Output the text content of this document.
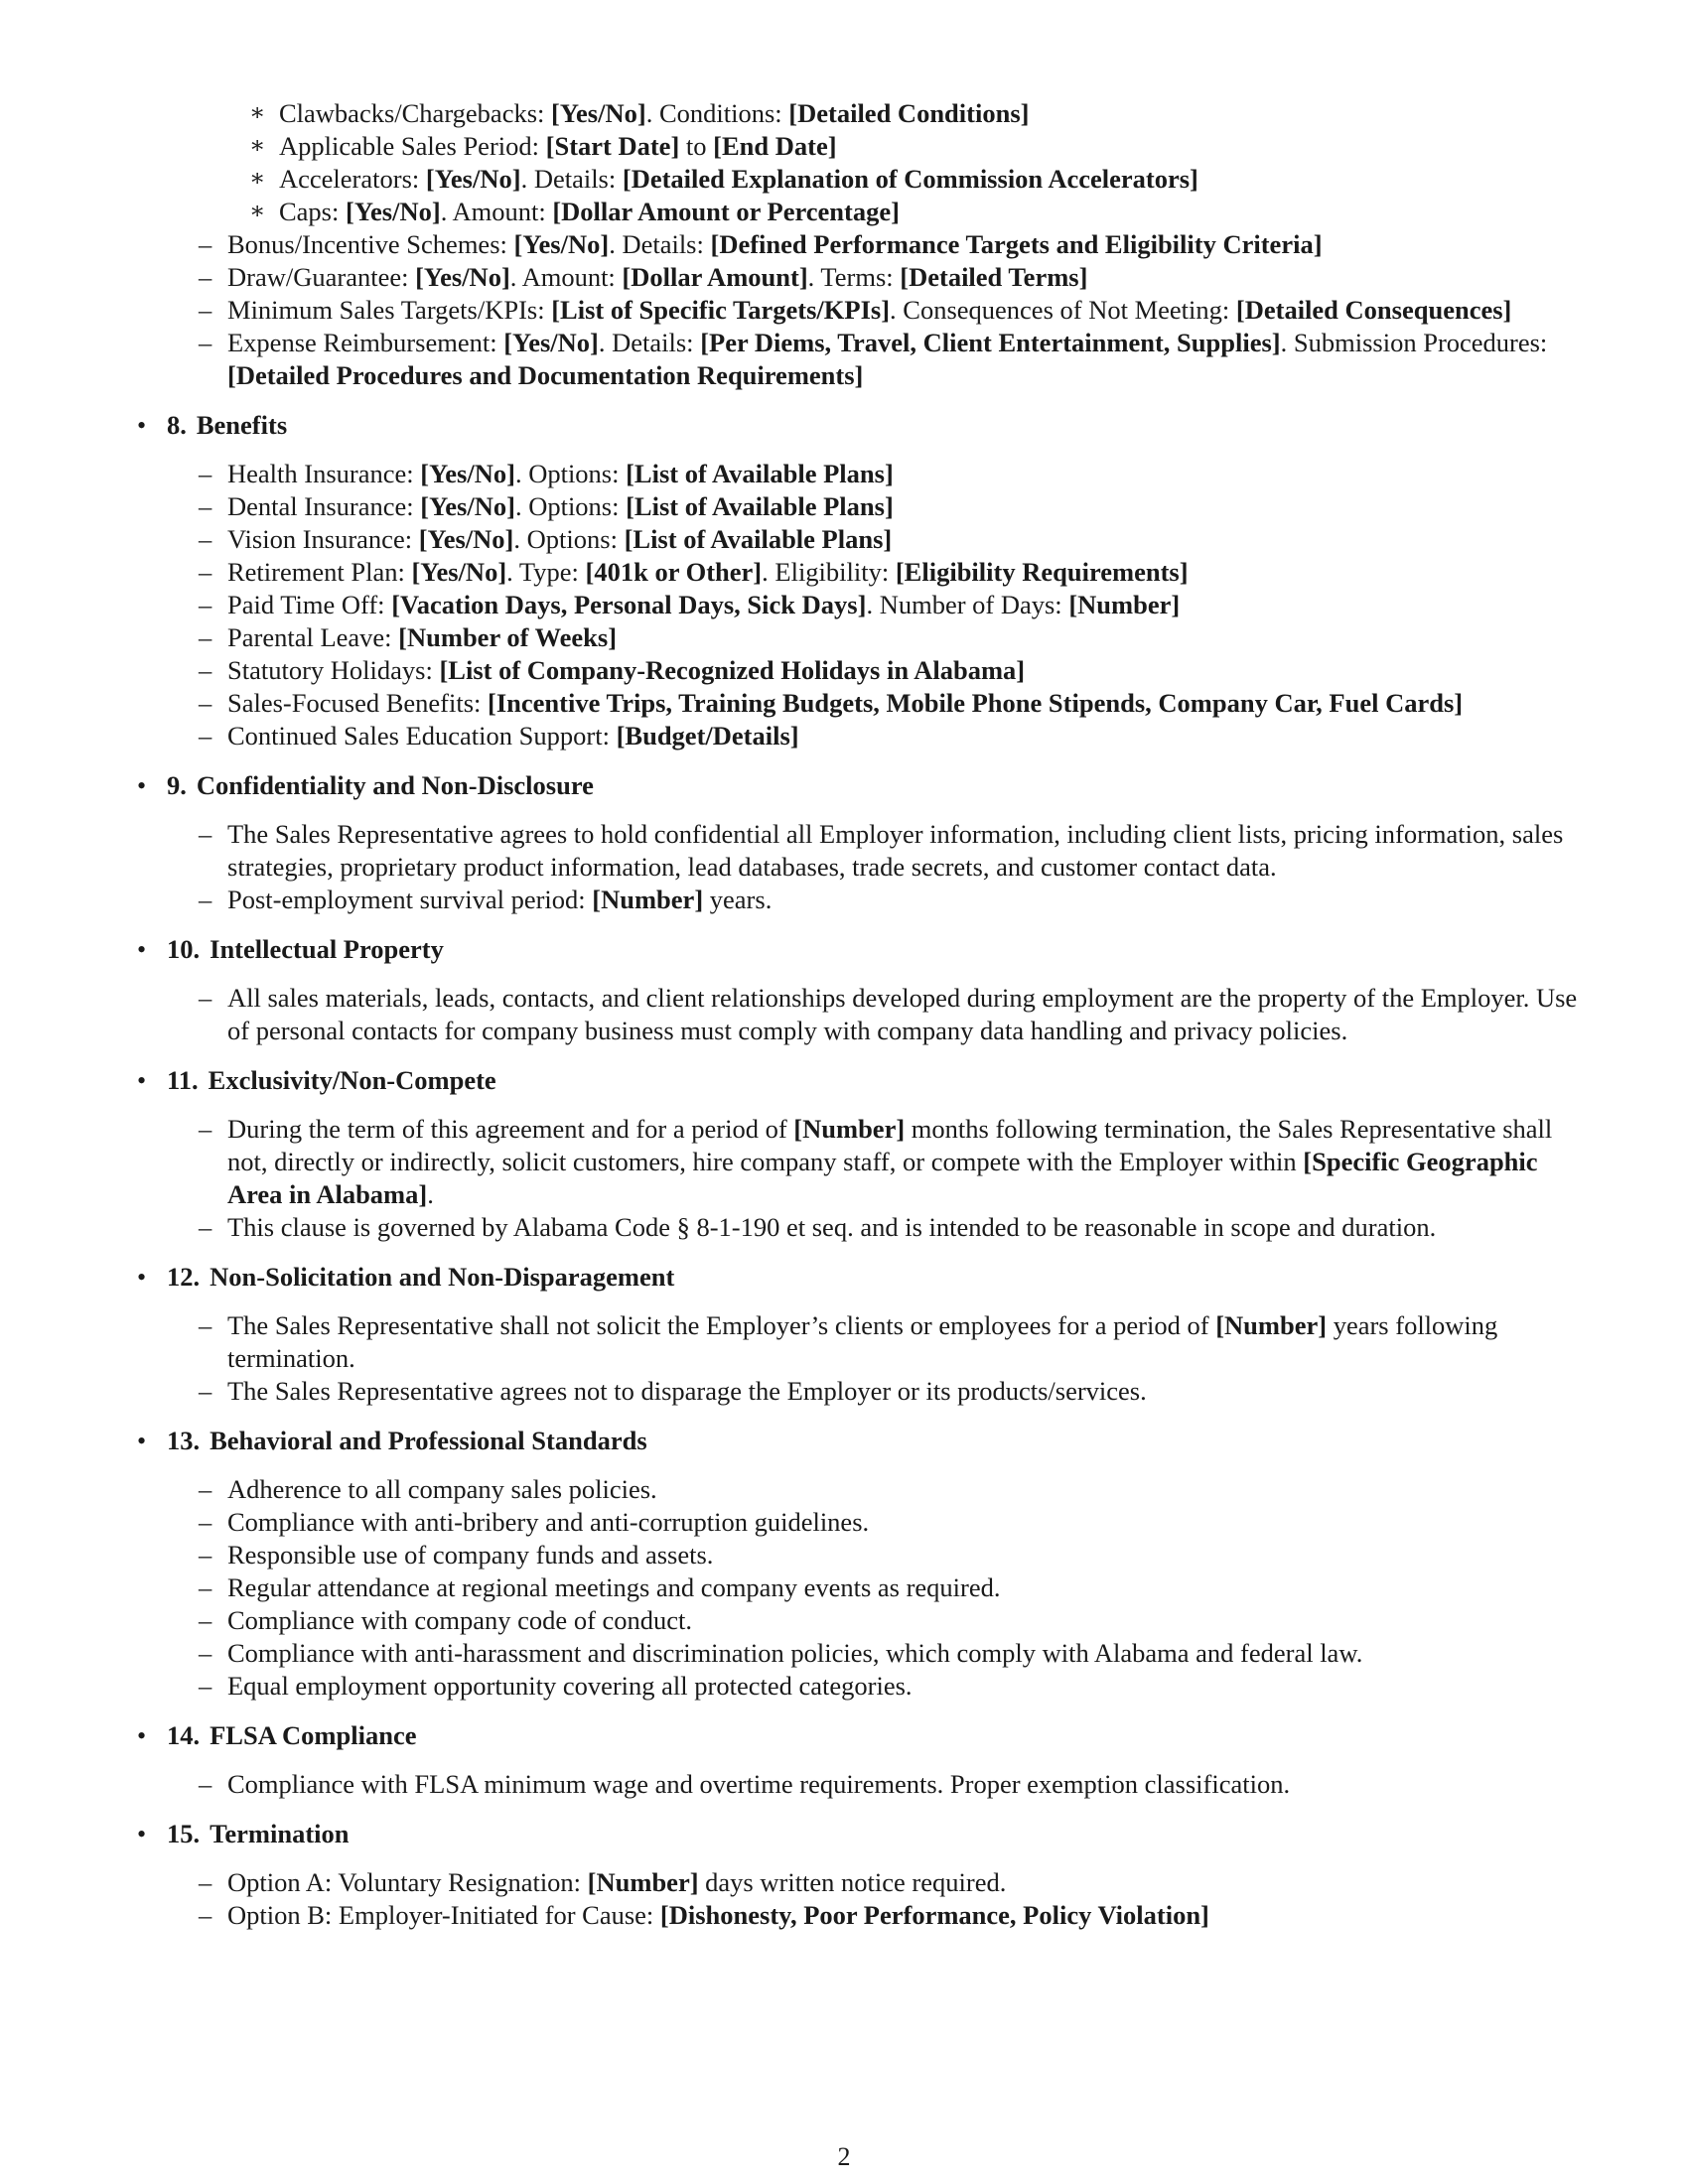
∗ Clawbacks/Chargebacks: [Yes/No]. Conditions: [Detailed Conditions]
∗ Applicable Sales Period: [Start Date] to [End Date]
∗ Accelerators: [Yes/No]. Details: [Detailed Explanation of Commission Accelerators]
∗ Caps: [Yes/No]. Amount: [Dollar Amount or Percentage]
– Bonus/Incentive Schemes: [Yes/No]. Details: [Defined Performance Targets and Eligibility Criteria]
– Draw/Guarantee: [Yes/No]. Amount: [Dollar Amount]. Terms: [Detailed Terms]
– Minimum Sales Targets/KPIs: [List of Specific Targets/KPIs]. Consequences of Not Meeting: [Detailed Consequences]
– Expense Reimbursement: [Yes/No]. Details: [Per Diems, Travel, Client Entertainment, Supplies]. Submission Procedures: [Detailed Procedures and Documentation Requirements]
• 8. Benefits
– Health Insurance: [Yes/No]. Options: [List of Available Plans]
– Dental Insurance: [Yes/No]. Options: [List of Available Plans]
– Vision Insurance: [Yes/No]. Options: [List of Available Plans]
– Retirement Plan: [Yes/No]. Type: [401k or Other]. Eligibility: [Eligibility Requirements]
– Paid Time Off: [Vacation Days, Personal Days, Sick Days]. Number of Days: [Number]
– Parental Leave: [Number of Weeks]
– Statutory Holidays: [List of Company-Recognized Holidays in Alabama]
– Sales-Focused Benefits: [Incentive Trips, Training Budgets, Mobile Phone Stipends, Company Car, Fuel Cards]
– Continued Sales Education Support: [Budget/Details]
• 9. Confidentiality and Non-Disclosure
– The Sales Representative agrees to hold confidential all Employer information, including client lists, pricing information, sales strategies, proprietary product information, lead databases, trade secrets, and customer contact data.
– Post-employment survival period: [Number] years.
• 10. Intellectual Property
– All sales materials, leads, contacts, and client relationships developed during employment are the property of the Employer. Use of personal contacts for company business must comply with company data handling and privacy policies.
• 11. Exclusivity/Non-Compete
– During the term of this agreement and for a period of [Number] months following termination, the Sales Representative shall not, directly or indirectly, solicit customers, hire company staff, or compete with the Employer within [Specific Geographic Area in Alabama].
– This clause is governed by Alabama Code § 8-1-190 et seq. and is intended to be reasonable in scope and duration.
• 12. Non-Solicitation and Non-Disparagement
– The Sales Representative shall not solicit the Employer’s clients or employees for a period of [Number] years following termination.
– The Sales Representative agrees not to disparage the Employer or its products/services.
• 13. Behavioral and Professional Standards
– Adherence to all company sales policies.
– Compliance with anti-bribery and anti-corruption guidelines.
– Responsible use of company funds and assets.
– Regular attendance at regional meetings and company events as required.
– Compliance with company code of conduct.
– Compliance with anti-harassment and discrimination policies, which comply with Alabama and federal law.
– Equal employment opportunity covering all protected categories.
• 14. FLSA Compliance
– Compliance with FLSA minimum wage and overtime requirements. Proper exemption classification.
• 15. Termination
– Option A: Voluntary Resignation: [Number] days written notice required.
– Option B: Employer-Initiated for Cause: [Dishonesty, Poor Performance, Policy Violation]
2
